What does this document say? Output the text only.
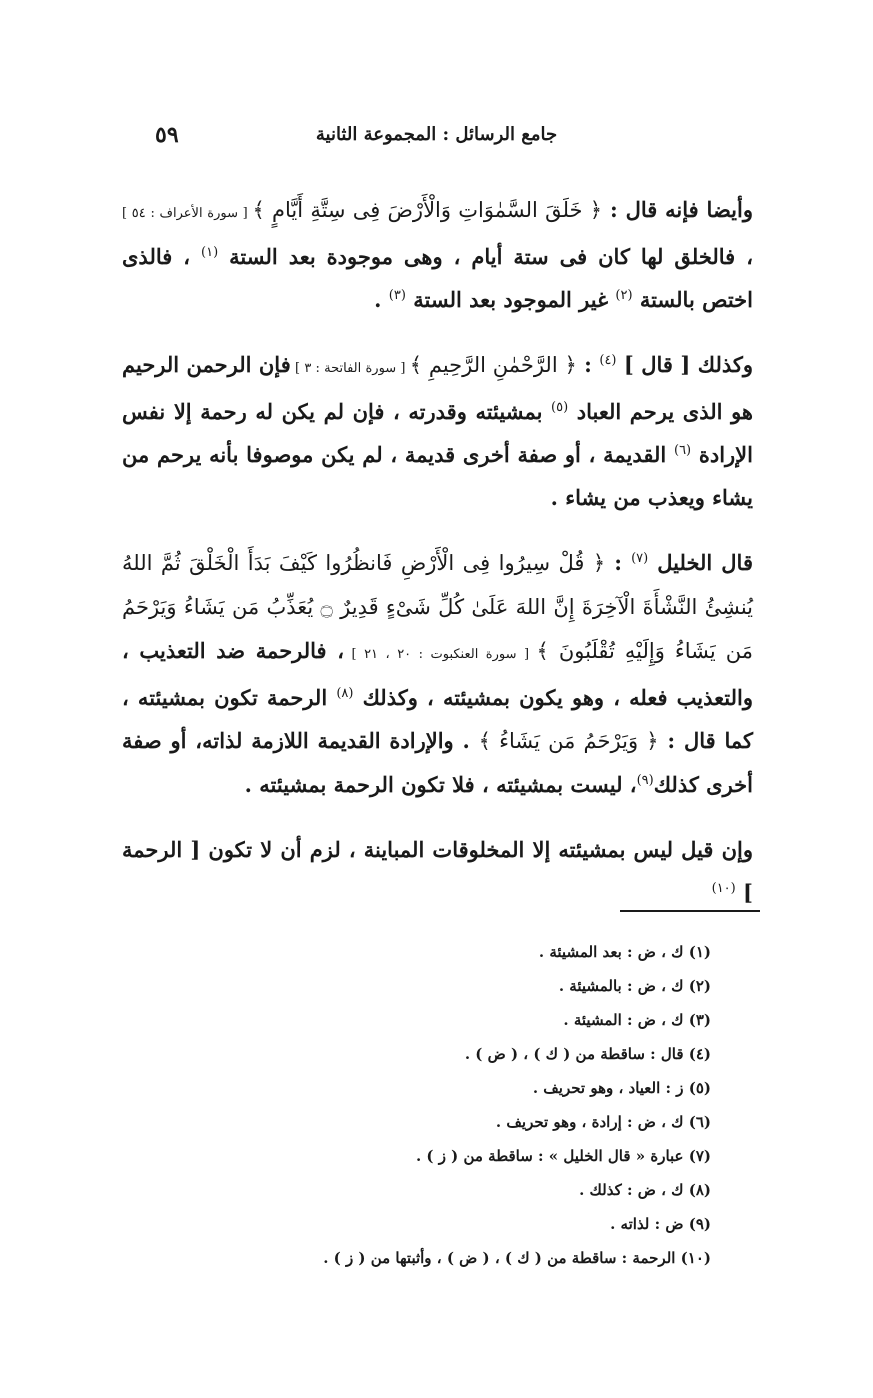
٥٩	جامع الرسائل : المجموعة الثانية

وأيضا فإنه قال : ﴿ خَلَقَ السَّمٰوَاتِ وَالْأَرْضَ فِى سِتَّةِ أَيَّامٍ ﴾ [ سورة الأعراف : ٥٤ ] ، فالخلق لها كان فى ستة أيام ، وهى موجودة بعد الستة $^{(١)}$ ، فالذى اختص بالستة $^{(٢)}$ غير الموجود بعد الستة $^{(٣)}$ .

وكذلك [ قال ] $^{(٤)}$ : ﴿ الرَّحْمٰنِ الرَّحِيمِ ﴾ [ سورة الفاتحة : ٣ ] فإن الرحمن الرحيم هو الذى يرحم العباد $^{(٥)}$ بمشيئته وقدرته ، فإن لم يكن له رحمة إلا نفس الإرادة $^{(٦)}$ القديمة ، أو صفة أخرى قديمة ، لم يكن موصوفا بأنه يرحم من يشاء ويعذب من يشاء .

قال الخليل $^{(٧)}$ : ﴿ قُلْ سِيرُوا فِى الْأَرْضِ فَانظُرُوا كَيْفَ بَدَأَ الْخَلْقَ ثُمَّ اللهُ يُنشِئُ النَّشْأَةَ الْآخِرَةَ إِنَّ اللهَ عَلَىٰ كُلِّ شَىْءٍ قَدِيرٌ ۝ يُعَذِّبُ مَن يَشَاءُ وَيَرْحَمُ مَن يَشَاءُ وَإِلَيْهِ تُقْلَبُونَ ﴾ [ سورة العنكبوت : ٢٠ ، ٢١ ] ، فالرحمة ضد التعذيب ، والتعذيب فعله ، وهو يكون بمشيئته ، وكذلك $^{(٨)}$ الرحمة تكون بمشيئته ، كما قال : ﴿ وَيَرْحَمُ مَن يَشَاءُ ﴾ . والإرادة القديمة اللازمة لذاته، أو صفة أخرى كذلك$^{(٩)}$، ليست بمشيئته ، فلا تكون الرحمة بمشيئته .

وإن قيل ليس بمشيئته إلا المخلوقات المباينة ، لزم أن لا تكون [ الرحمة ] $^{(١٠)}$

(١) ك ، ض : بعد المشيئة .
(٢) ك ، ض : بالمشيئة .
(٣) ك ، ض : المشيئة .
(٤) قال : ساقطة من ( ك ) ، ( ض ) .
(٥) ز : العياد ، وهو تحريف .
(٦) ك ، ض : إرادة ، وهو تحريف .
(٧) عبارة « قال الخليل » : ساقطة من ( ز ) .
(٨) ك ، ض : كذلك .
(٩) ض : لذاته .
(١٠) الرحمة : ساقطة من ( ك ) ، ( ض ) ، وأثبتها من ( ز ) .
